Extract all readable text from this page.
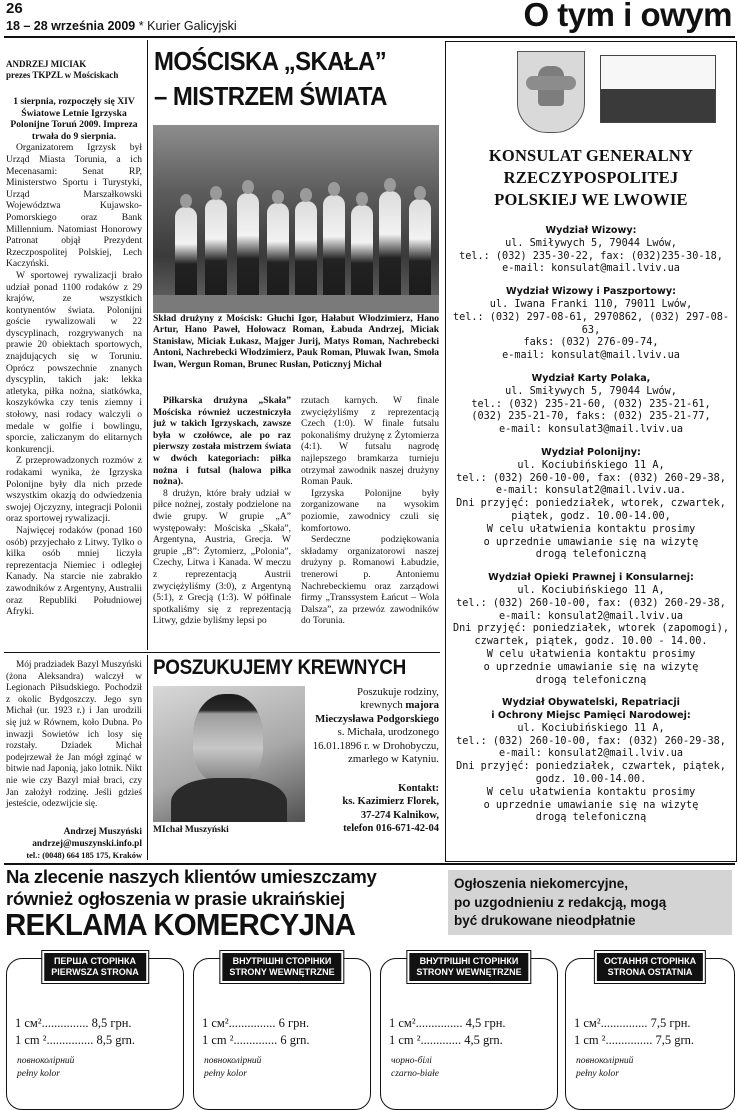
26
18 – 28 września 2009 * Kurier Galicyjski	O tym i owym
ANDRZEJ MICIAK
prezes TKPZL w Mościskach	MOŚCISKA „SKAŁA”
– MISTRZEM ŚWIATA

1 sierpnia, rozpoczęły się XIV Światowe Letnie Igrzyska Polonijne Toruń 2009. Impreza trwała do 9 sierpnia.

Organizatorem Igrzysk był Urząd Miasta Torunia, a ich Mecenasami: Senat RP, Ministerstwo Sportu i Turystyki, Urząd Marszałkowski Województwa Kujawsko-Pomorskiego oraz Bank Millennium. Natomiast Honorowy Patronat objął Prezydent Rzeczpospolitej Polskiej, Lech Kaczyński.

W sportowej rywalizacji brało udział ponad 1100 rodaków z 29 krajów, ze wszystkich kontynentów świata. Polonijni goście rywalizowali w 22 dyscyplinach, rozgrywanych na prawie 20 obiektach sportowych, znajdujących się w Toruniu. Oprócz powszechnie znanych dyscyplin, takich jak: lekka atletyka, piłka nożna, siatkówka, koszykówka czy tenis ziemny i stołowy, nasi rodacy walczyli o medale w golfie i bowlingu, sporcie, zaliczanym do elitarnych konkurencji.

Z przeprowadzonych rozmów z rodakami wynika, że Igrzyska Polonijne były dla nich przede wszystkim okazją do odwiedzenia swojej Ojczyzny, integracji Polonii oraz sportowej rywalizacji.

Najwięcej rodaków (ponad 160 osób) przyjechało z Litwy. Tylko o kilka osób mniej liczyła reprezentacja Niemiec i odległej Kanady. Na starcie nie zabrakło zawodników z Argentyny, Australii oraz Republiki Południowej Afryki.

Skład drużyny z Mościsk: Głuchi Igor, Hałabut Włodzimierz, Hano Artur, Hano Paweł, Hołowacz Roman, Łabuda Andrzej, Miciak Stanisław, Miciak Łukasz, Majger Jurij, Matys Roman, Nachrebecki Antoni, Nachrebecki Włodzimierz, Pauk Roman, Pluwak Iwan, Smoła Iwan, Wergun Roman, Brunec Rusłan, Poticznyj Michał

Piłkarska drużyna „Skała” Mościska również uczestniczyła już w takich Igrzyskach, zawsze była w czołówce, ale po raz pierwszy została mistrzem świata w dwóch kategoriach: piłka nożna i futsal (halowa piłka nożna).

8 drużyn, które brały udział w piłce nożnej, zostały podzielone na dwie grupy. W grupie „A” występowały: Mościska „Skała”, Argentyna, Austria, Grecja. W grupie „B”: Żytomierz, „Polonia”, Czechy, Litwa i Kanada. W meczu z reprezentacją Austrii zwyciężyliśmy (3:0), z Argentyną (5:1), z Grecją (1:3). W półfinale spotkaliśmy się z reprezentacją Litwy, gdzie byliśmy lepsi po

rzutach karnych. W finale zwyciężyliśmy z reprezentacją Czech (1:0). W finale futsalu pokonaliśmy drużynę z Żytomierza (4:1). W futsalu nagrodę najlepszego bramkarza turnieju otrzymał zawodnik naszej drużyny Roman Pauk.

Igrzyska Polonijne były zorganizowane na wysokim poziomie, zawodnicy czuli się komfortowo.

Serdeczne podziękowania składamy organizatorowi naszej drużyny p. Romanowi Łabudzie, trenerowi p. Antoniemu Nachrebeckiemu oraz zarządowi firmy „Transsystem Łańcut – Wola Dalsza”, za przewóz zawodników do Torunia.

Mój pradziadek Bazyl Muszyński (żona Aleksandra) walczył w Legionach Piłsudskiego. Pochodził z okolic Bydgoszczy. Jego syn Michał (ur. 1923 r.) i Jan urodzili się już w Równem, koło Dubna. Po inwazji Sowietów ich losy się rozstały. Dziadek Michał podejrzewał że Jan mógł zginąć w bitwie nad Japonią, jako lotnik. Nikt nie wie czy Bazyl miał braci, czy Jan założył rodzinę. Jeśli gdzieś jesteście, odezwijcie się.

Andrzej Muszyński
andrzej@muszynski.info.pl
tel.: (0048) 664 185 175, Kraków
POSZUKUJEMY KREWNYCH
MIchał Muszyński
Poszukuje rodziny, krewnych majora Mieczysława Podgorskiego s. Michała, urodzonego 16.01.1896 r. w Drohobyczu, zmarłego w Katyniu.
Kontakt:
ks. Kazimierz Florek,
37-274 Kalnikow,
telefon 016-671-42-04
KONSULAT GENERALNY
RZECZYPOSPOLITEJ
POLSKIEJ WE LWOWIE
Wydział Wizowy:
ul. Smiływych 5, 79044 Lwów,
tel.: (032) 235-30-22, fax: (032)235-30-18,
e-mail: konsulat@mail.lviv.ua
Wydział Wizowy i Paszportowy:
ul. Iwana Franki 110, 79011 Lwów,
tel.: (032) 297-08-61, 2970862, (032) 297-08-63,
faks: (032) 276-09-74,
e-mail: konsulat@mail.lviv.ua
Wydział Karty Polaka,
ul. Smiływych 5, 79044 Lwów,
tel.: (032) 235-21-60, (032) 235-21-61,
(032) 235-21-70, faks: (032) 235-21-77,
e-mail: konsulat3@mail.lviv.ua
Wydział Polonijny:
ul. Kociubińskiego 11 A,
tel.: (032) 260-10-00, fax: (032) 260-29-38,
e-mail: konsulat2@mail.lviv.ua.
Dni przyjęć: poniedziałek, wtorek, czwartek,
piątek, godz. 10.00-14.00,
W celu ułatwienia kontaktu prosimy
o uprzednie umawianie się na wizytę
drogą telefoniczną
Wydział Opieki Prawnej i Konsularnej:
ul. Kociubińskiego 11 A,
tel.: (032) 260-10-00, fax: (032) 260-29-38,
e-mail: konsulat2@mail.lviv.ua
Dni przyjęć: poniedziałek, wtorek (zapomogi),
czwartek, piątek, godz. 10.00 - 14.00.
W celu ułatwienia kontaktu prosimy
o uprzednie umawianie się na wizytę
drogą telefoniczną
Wydział Obywatelski, Repatriacji
i Ochrony Miejsc Pamięci Narodowej:
ul. Kociubińskiego 11 A,
tel.: (032) 260-10-00, fax: (032) 260-29-38,
e-mail: konsulat2@mail.lviv.ua
Dni przyjęć: poniedziałek, czwartek, piątek,
godz. 10.00-14.00.
W celu ułatwienia kontaktu prosimy
o uprzednie umawianie się na wizytę
drogą telefoniczną
Na zlecenie naszych klientów umieszczamy
również ogłoszenia w prasie ukraińskiej
REKLAMA KOMERCYJNA
Ogłoszenia niekomercyjne,
po uzgodnieniu z redakcją, mogą
być drukowane nieodpłatnie
ПЕРША СТОРІНКА
PIERWSZA STRONA
1 cм²............... 8,5 грн.
1 cm ²............... 8,5 grn.
повноколірний
pełny kolor
ВНУТРІШНІ СТОРІНКИ
STRONY WEWNĘTRZNE
1 cм²............... 6 грн.
1 cm ².............. 6 grn.
повноколірний
pełny kolor
ВНУТРІШНІ СТОРІНКИ
STRONY WEWNĘTRZNE
1 cм²............... 4,5 грн.
1 cm ²............. 4,5 grn.
чорно-білі
czarno-białe
ОСТАННЯ СТОРІНКА
STRONA OSTATNIA
1 cм²............... 7,5 грн.
1 cm ²............... 7,5 grn.
повноколірний
pełny kolor
